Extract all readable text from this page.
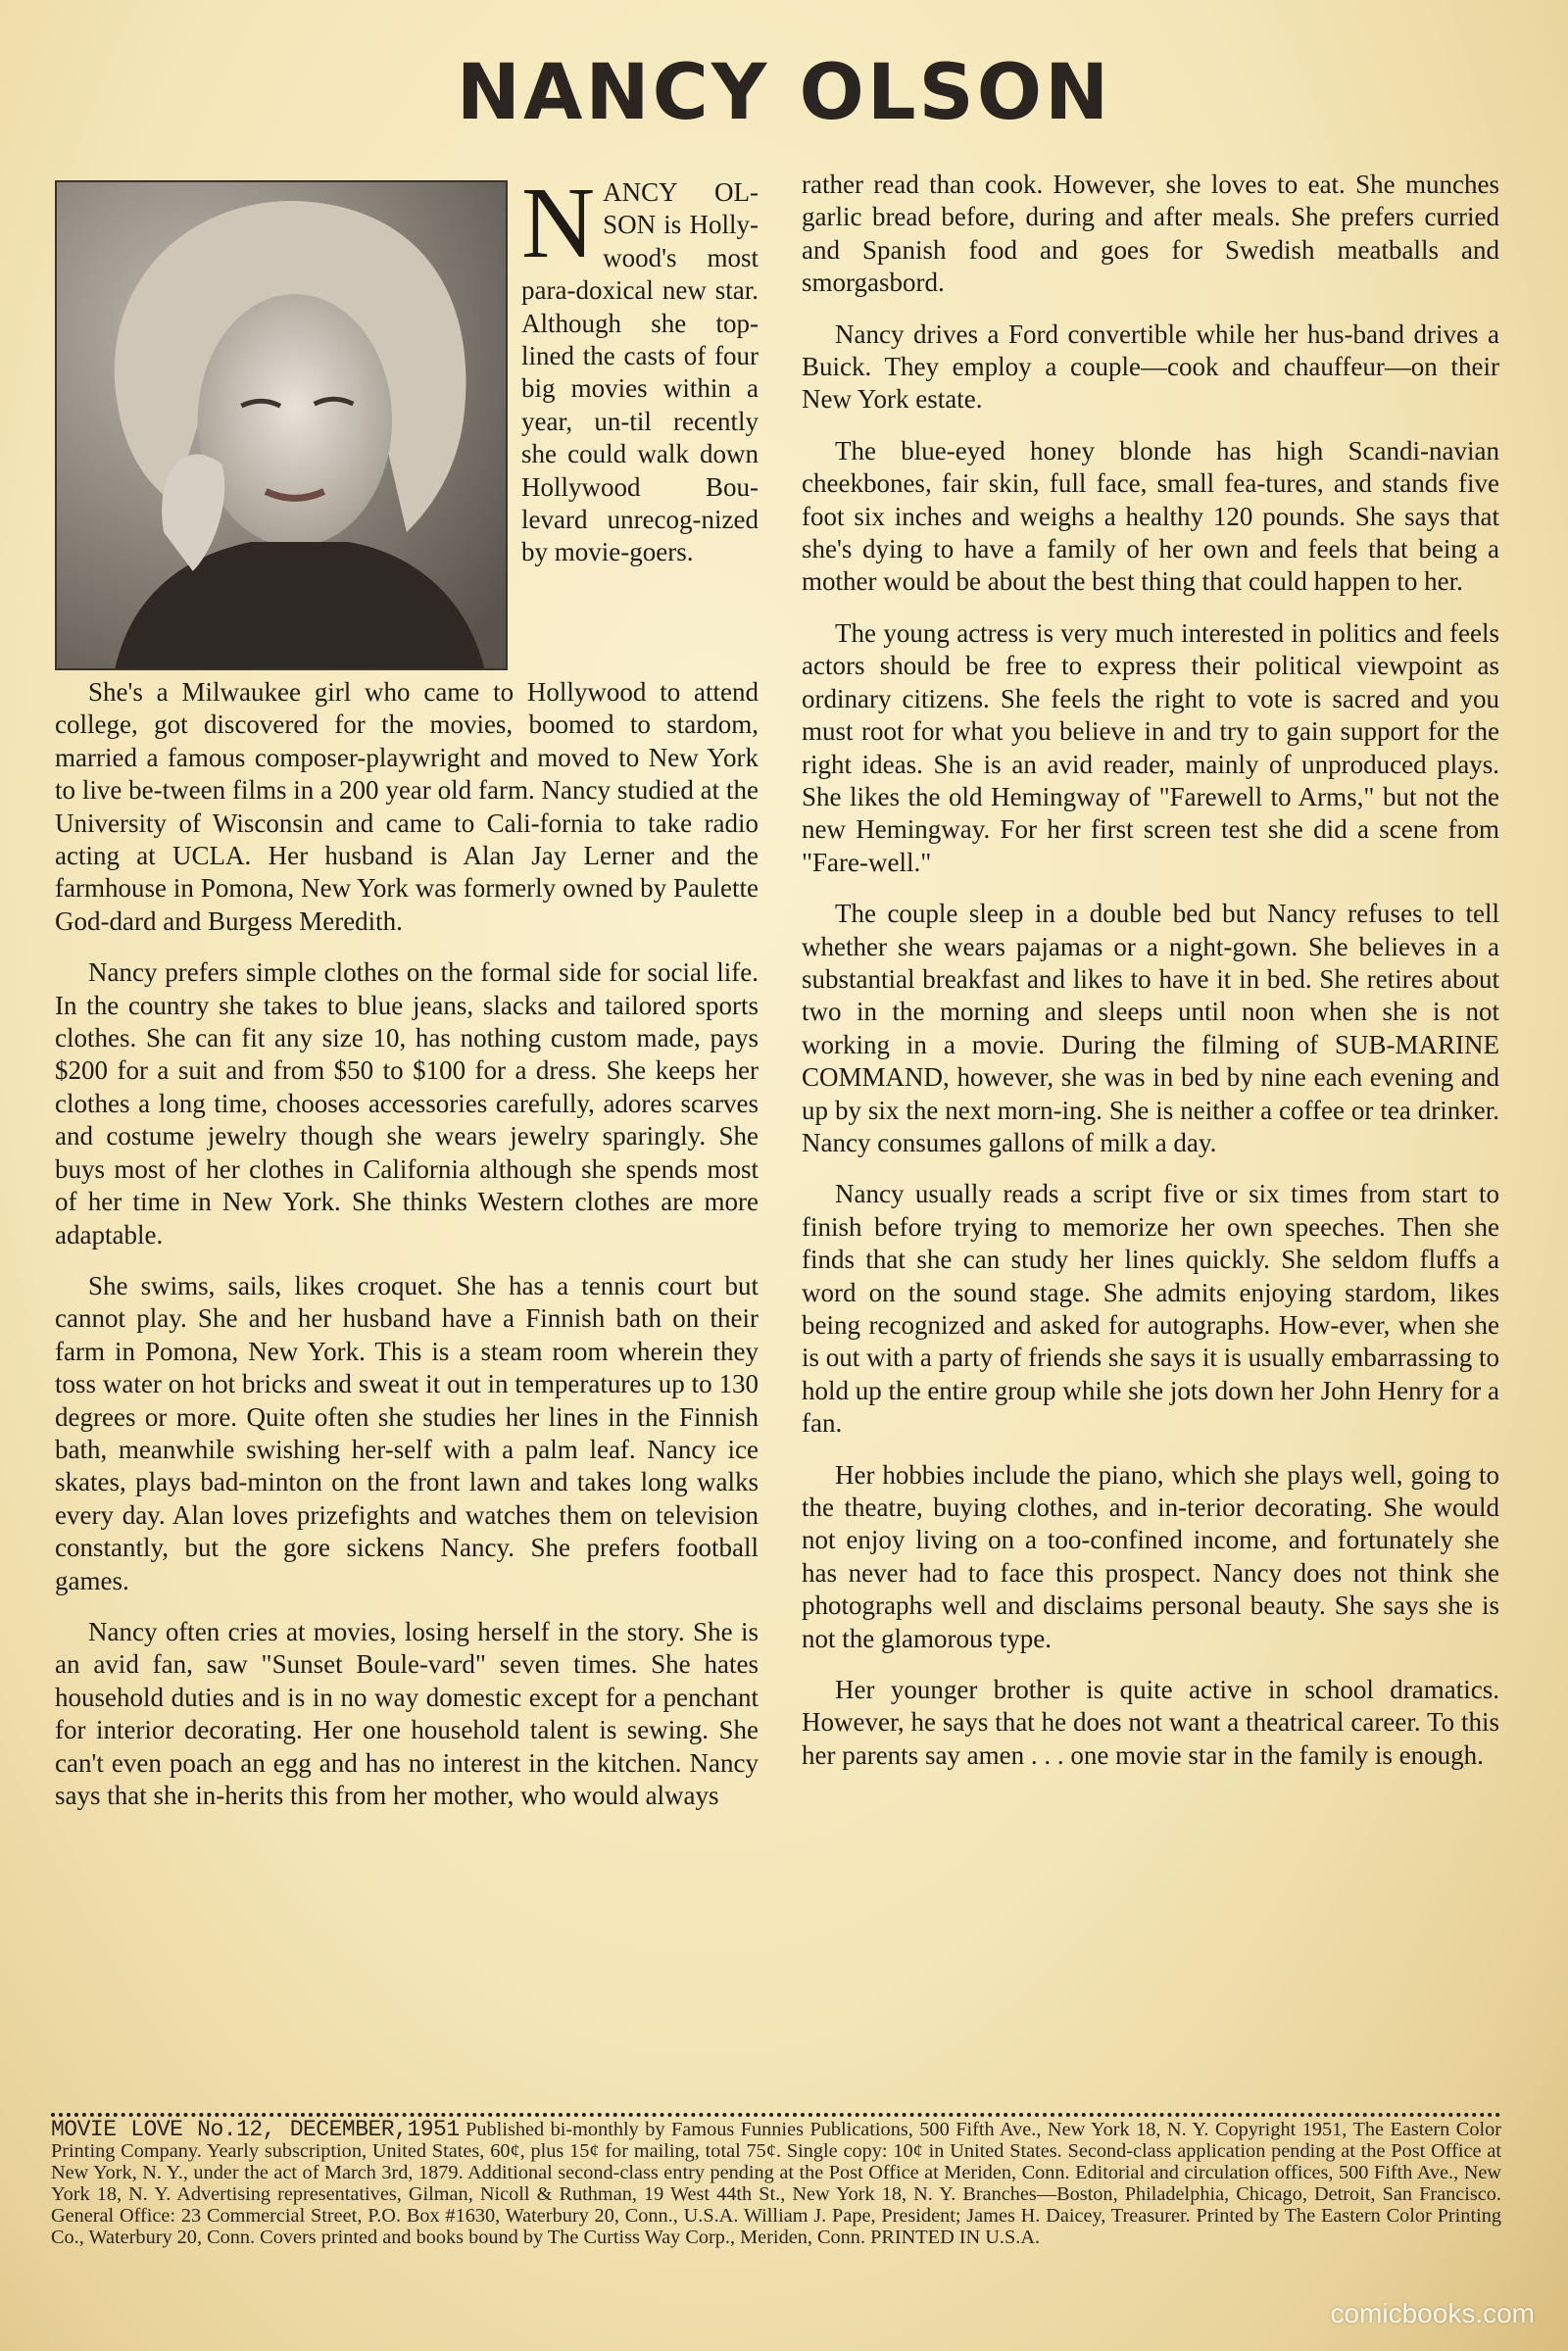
NANCY OLSON

NANCY OL-SON is Holly-wood's most para-doxical new star. Although she top-lined the casts of four big movies within a year, un-til recently she could walk down Hollywood Bou-levard unrecog-nized by movie-goers.

She's a Milwaukee girl who came to Hollywood to attend college, got discovered for the movies, boomed to stardom, married a famous composer-playwright and moved to New York to live be-tween films in a 200 year old farm. Nancy studied at the University of Wisconsin and came to Cali-fornia to take radio acting at UCLA. Her husband is Alan Jay Lerner and the farmhouse in Pomona, New York was formerly owned by Paulette God-dard and Burgess Meredith.

Nancy prefers simple clothes on the formal side for social life. In the country she takes to blue jeans, slacks and tailored sports clothes. She can fit any size 10, has nothing custom made, pays $200 for a suit and from $50 to $100 for a dress. She keeps her clothes a long time, chooses accessories carefully, adores scarves and costume jewelry though she wears jewelry sparingly. She buys most of her clothes in California although she spends most of her time in New York. She thinks Western clothes are more adaptable.

She swims, sails, likes croquet. She has a tennis court but cannot play. She and her husband have a Finnish bath on their farm in Pomona, New York. This is a steam room wherein they toss water on hot bricks and sweat it out in temperatures up to 130 degrees or more. Quite often she studies her lines in the Finnish bath, meanwhile swishing her-self with a palm leaf. Nancy ice skates, plays bad-minton on the front lawn and takes long walks every day. Alan loves prizefights and watches them on television constantly, but the gore sickens Nancy. She prefers football games.

Nancy often cries at movies, losing herself in the story. She is an avid fan, saw "Sunset Boule-vard" seven times. She hates household duties and is in no way domestic except for a penchant for interior decorating. Her one household talent is sewing. She can't even poach an egg and has no interest in the kitchen. Nancy says that she in-herits this from her mother, who would always

rather read than cook. However, she loves to eat. She munches garlic bread before, during and after meals. She prefers curried and Spanish food and goes for Swedish meatballs and smorgasbord.

Nancy drives a Ford convertible while her hus-band drives a Buick. They employ a couple—cook and chauffeur—on their New York estate.

The blue-eyed honey blonde has high Scandi-navian cheekbones, fair skin, full face, small fea-tures, and stands five foot six inches and weighs a healthy 120 pounds. She says that she's dying to have a family of her own and feels that being a mother would be about the best thing that could happen to her.

The young actress is very much interested in politics and feels actors should be free to express their political viewpoint as ordinary citizens. She feels the right to vote is sacred and you must root for what you believe in and try to gain support for the right ideas. She is an avid reader, mainly of unproduced plays. She likes the old Hemingway of "Farewell to Arms," but not the new Hemingway. For her first screen test she did a scene from "Fare-well."

The couple sleep in a double bed but Nancy refuses to tell whether she wears pajamas or a night-gown. She believes in a substantial breakfast and likes to have it in bed. She retires about two in the morning and sleeps until noon when she is not working in a movie. During the filming of SUB-MARINE COMMAND, however, she was in bed by nine each evening and up by six the next morn-ing. She is neither a coffee or tea drinker. Nancy consumes gallons of milk a day.

Nancy usually reads a script five or six times from start to finish before trying to memorize her own speeches. Then she finds that she can study her lines quickly. She seldom fluffs a word on the sound stage. She admits enjoying stardom, likes being recognized and asked for autographs. How-ever, when she is out with a party of friends she says it is usually embarrassing to hold up the entire group while she jots down her John Henry for a fan.

Her hobbies include the piano, which she plays well, going to the theatre, buying clothes, and in-terior decorating. She would not enjoy living on a too-confined income, and fortunately she has never had to face this prospect. Nancy does not think she photographs well and disclaims personal beauty. She says she is not the glamorous type.

Her younger brother is quite active in school dramatics. However, he says that he does not want a theatrical career. To this her parents say amen . . . one movie star in the family is enough.

MOVIE LOVE No.12, DECEMBER,1951 Published bi-monthly by Famous Funnies Publications, 500 Fifth Ave., New York 18, N. Y. Copyright 1951, The Eastern Color Printing Company. Yearly subscription, United States, 60¢, plus 15¢ for mailing, total 75¢. Single copy: 10¢ in United States. Second-class application pending at the Post Office at New York, N. Y., under the act of March 3rd, 1879. Additional second-class entry pending at the Post Office at Meriden, Conn. Editorial and circulation offices, 500 Fifth Ave., New York 18, N. Y. Advertising representatives, Gilman, Nicoll & Ruthman, 19 West 44th St., New York 18, N. Y. Branches—Boston, Philadelphia, Chicago, Detroit, San Francisco. General Office: 23 Commercial Street, P.O. Box #1630, Waterbury 20, Conn., U.S.A. William J. Pape, President; James H. Daicey, Treasurer. Printed by The Eastern Color Printing Co., Waterbury 20, Conn. Covers printed and books bound by The Curtiss Way Corp., Meriden, Conn. PRINTED IN U.S.A.
comicbooks.com
